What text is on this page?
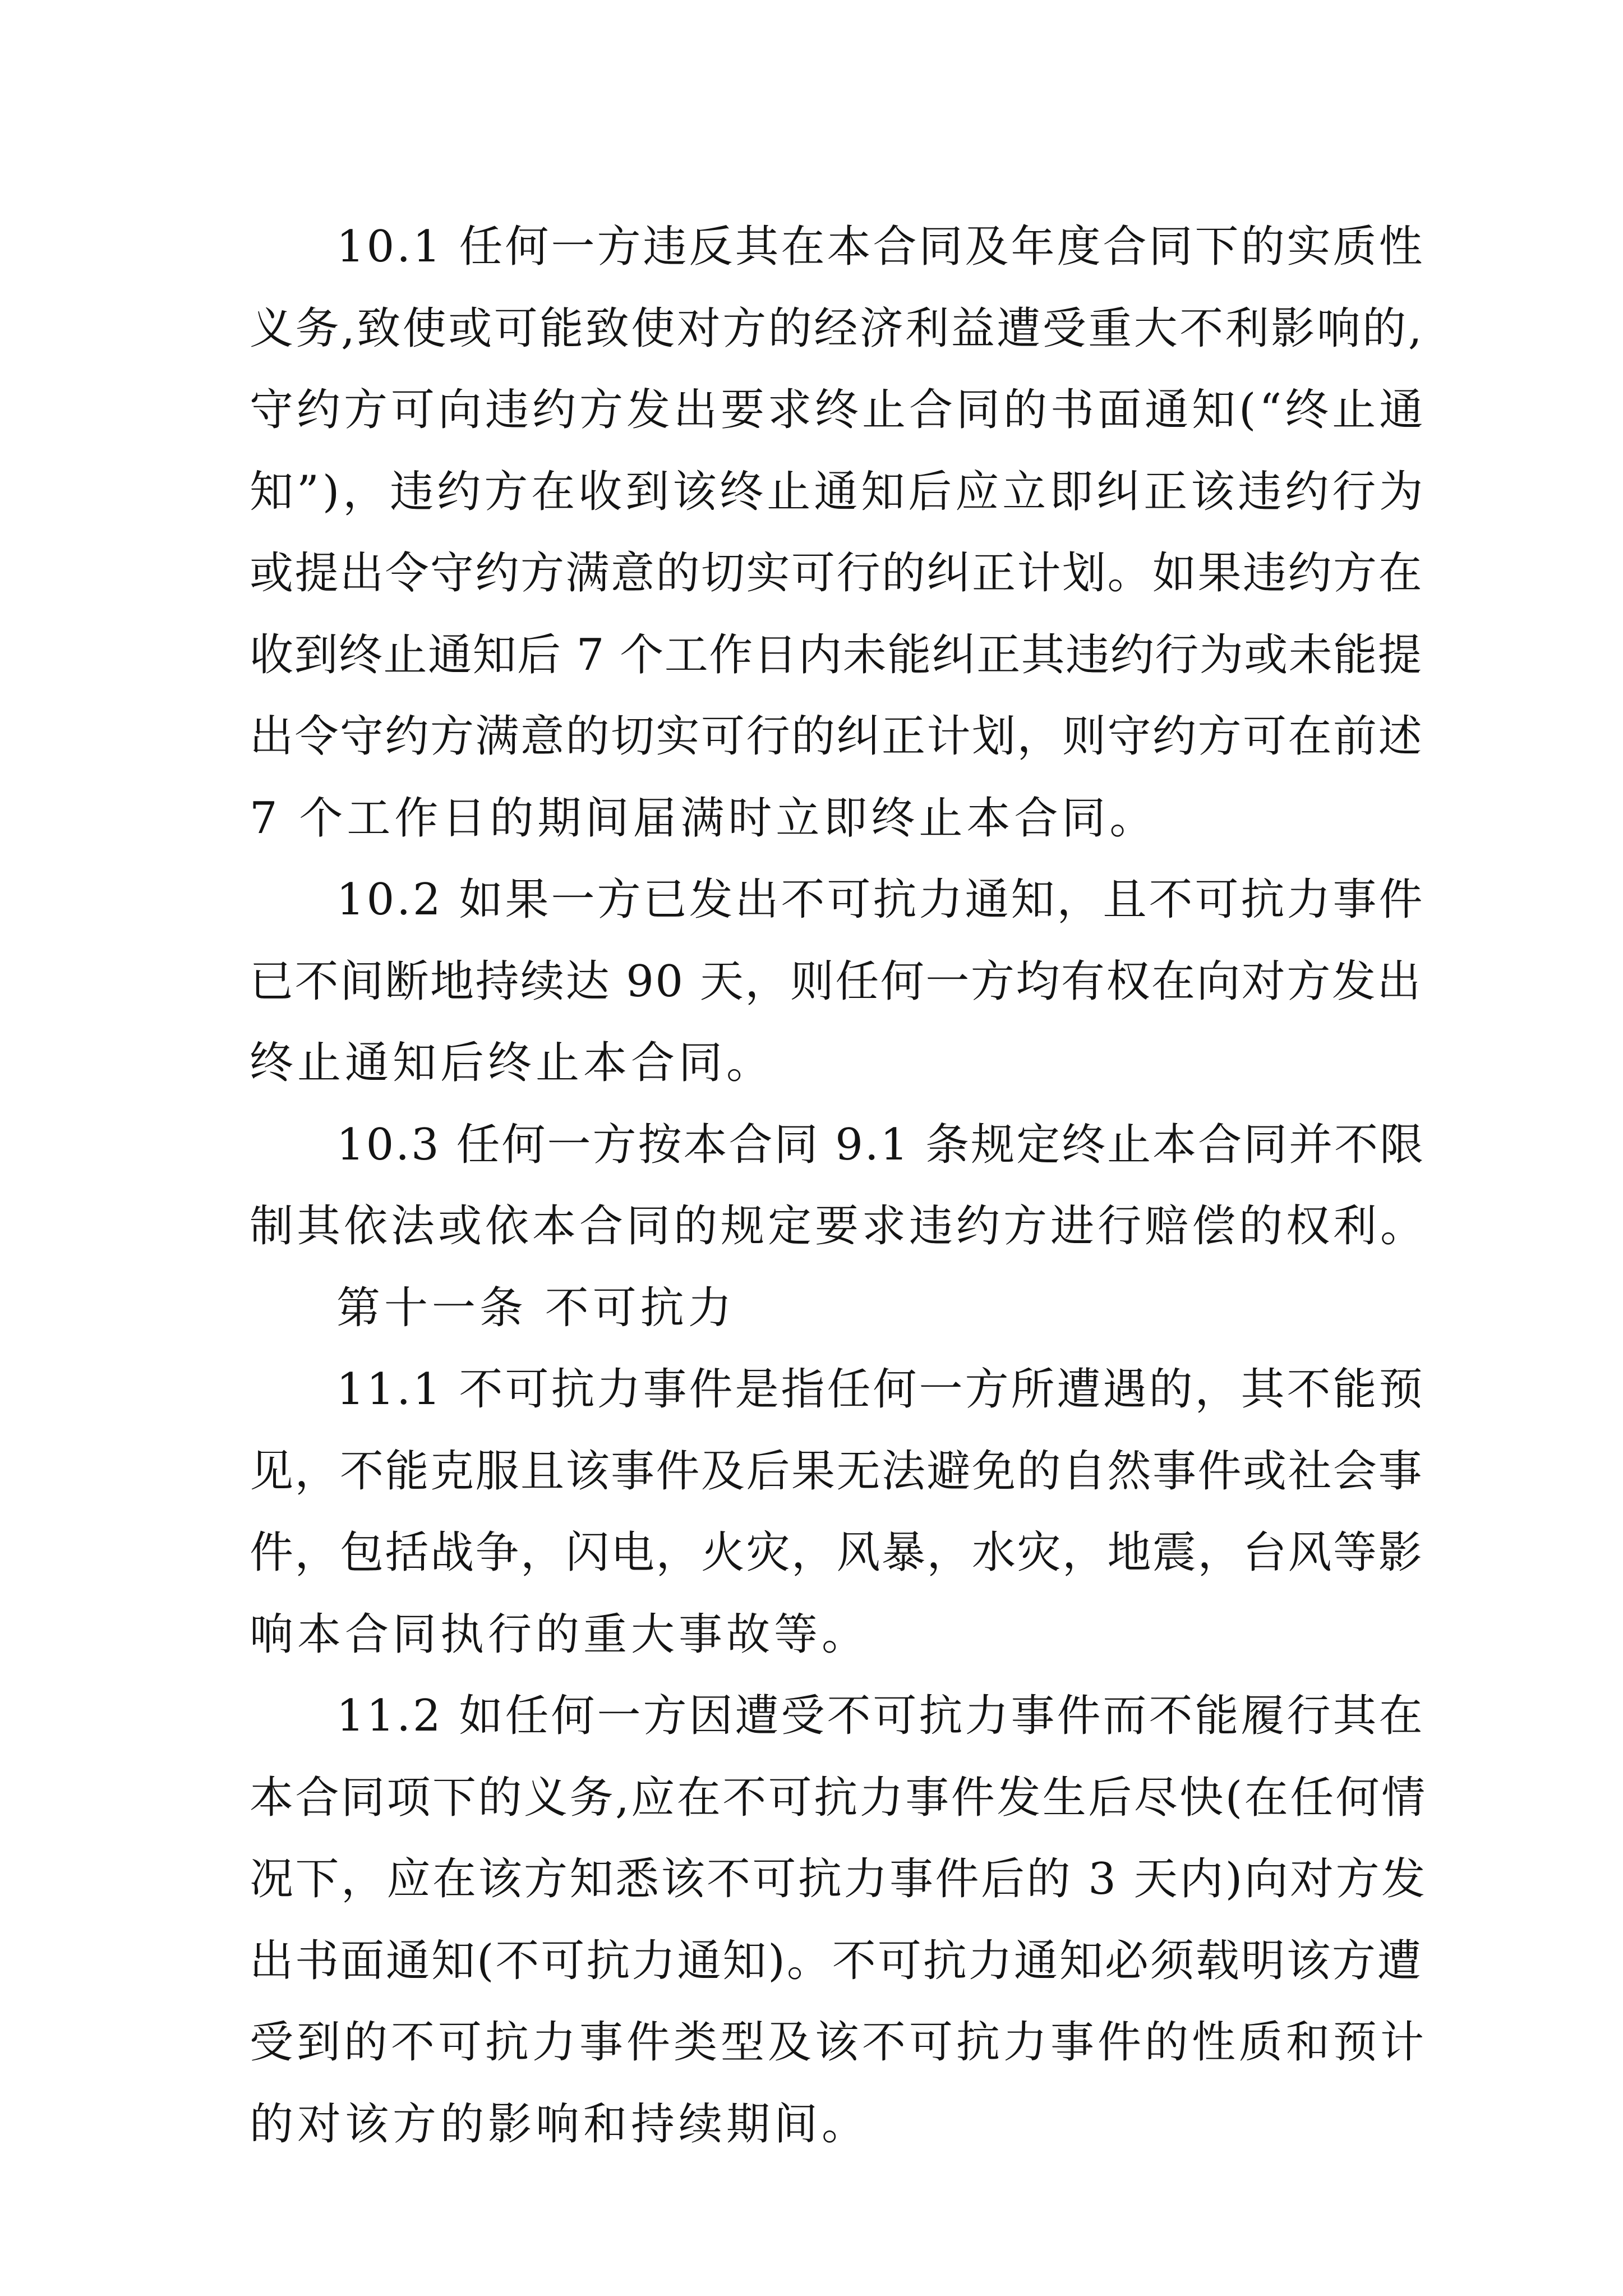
10.1 任何一方违反其在本合同及年度合同下的实质性
义务,致使或可能致使对方的经济利益遭受重大不利影响的,
守约方可向违约方发出要求终止合同的书面通知(“终止通
知”)，违约方在收到该终止通知后应立即纠正该违约行为
或提出令守约方满意的切实可行的纠正计划。如果违约方在
收到终止通知后 7 个工作日内未能纠正其违约行为或未能提
出令守约方满意的切实可行的纠正计划，则守约方可在前述
7 个工作日的期间届满时立即终止本合同。
10.2 如果一方已发出不可抗力通知，且不可抗力事件
已不间断地持续达 90 天，则任何一方均有权在向对方发出
终止通知后终止本合同。
10.3 任何一方按本合同 9.1 条规定终止本合同并不限
制其依法或依本合同的规定要求违约方进行赔偿的权利。
第十一条 不可抗力
11.1 不可抗力事件是指任何一方所遭遇的，其不能预
见，不能克服且该事件及后果无法避免的自然事件或社会事
件，包括战争，闪电，火灾，风暴，水灾，地震，台风等影
响本合同执行的重大事故等。
11.2 如任何一方因遭受不可抗力事件而不能履行其在
本合同项下的义务,应在不可抗力事件发生后尽快(在任何情
况下，应在该方知悉该不可抗力事件后的 3 天内)向对方发
出书面通知(不可抗力通知)。不可抗力通知必须载明该方遭
受到的不可抗力事件类型及该不可抗力事件的性质和预计
的对该方的影响和持续期间。
